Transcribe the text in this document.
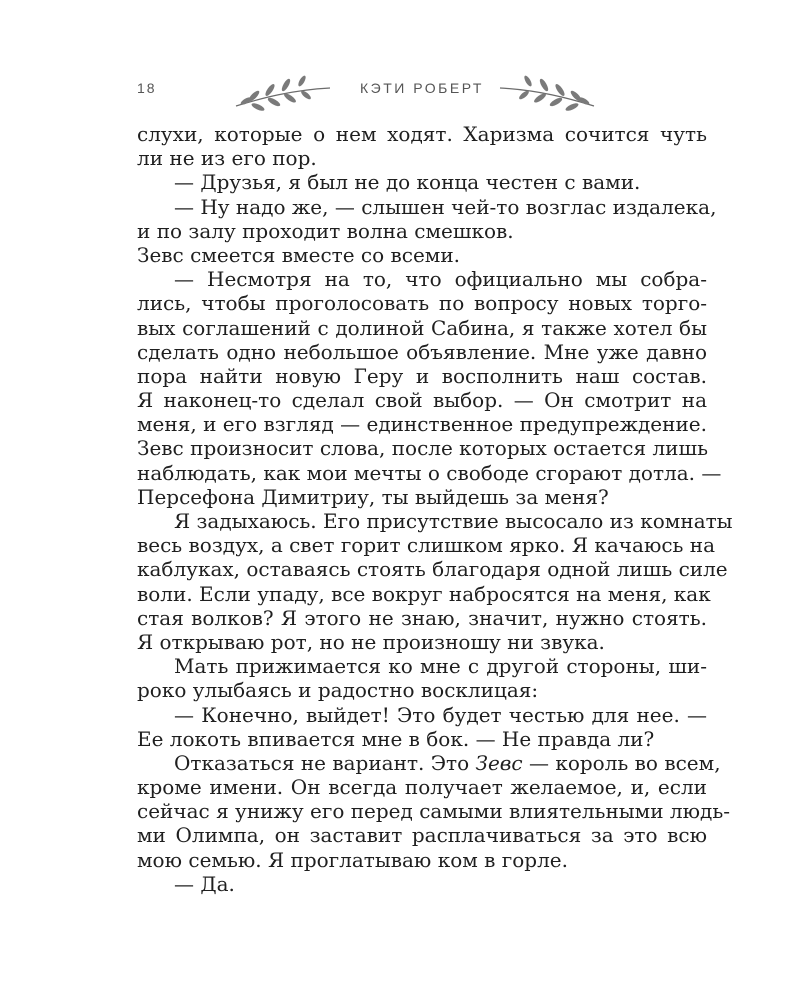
18	КЭТИ РОБЕРТ
слухи, которые о нем ходят. Харизма сочится чуть
ли не из его пор.
— Друзья, я был не до конца честен с вами.
— Ну надо же, — слышен чей-то возглас издалека,
и по залу проходит волна смешков.
Зевс смеется вместе со всеми.
— Несмотря на то, что официально мы собра-
лись, чтобы проголосовать по вопросу новых торго-
вых соглашений с долиной Сабина, я также хотел бы
сделать одно небольшое объявление. Мне уже давно
пора найти новую Геру и восполнить наш состав.
Я наконец-то сделал свой выбор. — Он смотрит на
меня, и его взгляд — единственное предупреждение.
Зевс произносит слова, после которых остается лишь
наблюдать, как мои мечты о свободе сгорают дотла. —
Персефона Димитриу, ты выйдешь за меня?
Я задыхаюсь. Его присутствие высосало из комнаты
весь воздух, а свет горит слишком ярко. Я качаюсь на
каблуках, оставаясь стоять благодаря одной лишь силе
воли. Если упаду, все вокруг набросятся на меня, как
стая волков? Я этого не знаю, значит, нужно стоять.
Я открываю рот, но не произношу ни звука.
Мать прижимается ко мне с другой стороны, ши-
роко улыбаясь и радостно восклицая:
— Конечно, выйдет! Это будет честью для нее. —
Ее локоть впивается мне в бок. — Не правда ли?
Отказаться не вариант. Это Зевс — король во всем,
кроме имени. Он всегда получает желаемое, и, если
сейчас я унижу его перед самыми влиятельными людь-
ми Олимпа, он заставит расплачиваться за это всю
мою семью. Я проглатываю ком в горле.
— Да.
